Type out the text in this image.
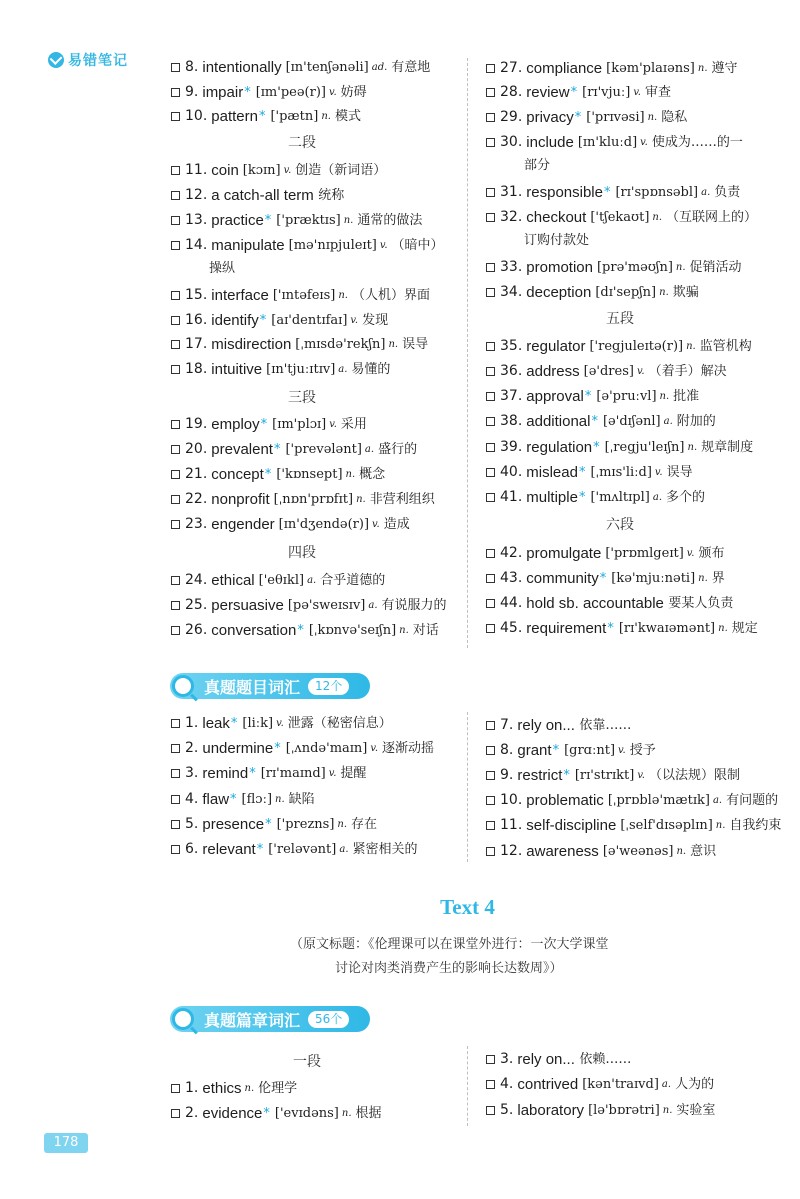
易错笔记	8. intentionally [ɪn'tenʃənəli] ad. 有意地
9. impair * [ɪm'peə(r)] v. 妨碍
10. pattern * ['pætn] n. 模式
11. coin [kɔɪn] v. 创造（新词语）
12. a catch-all term
统称
13. practice * ['præktɪs] n. 通常的做法
14. manipulate [mə'nɪpjuleɪt] v. （暗中）
操纵
15. interface ['ɪntəfeɪs] n. （人机）界面
16. identify * [aɪ'dentɪfaɪ] v. 发现
17. misdirection [ˌmɪsdə'rekʃn] n. 误导
18. intuitive [ɪn'tjuːɪtɪv] a. 易懂的
19. employ * [ɪm'plɔɪ] v. 采用
20. prevalent * ['prevələnt] a. 盛行的
21. concept * ['kɒnsept] n. 概念
22. nonprofit [ˌnɒn'prɒfɪt] n. 非营利组织
23. engender [ɪn'dʒendə(r)] v. 造成
24. ethical ['eθɪkl] a. 合乎道德的
25. persuasive [pə'sweɪsɪv] a. 有说服力的
26. conversation * [ˌkɒnvə'seɪʃn] n. 对话
27. compliance [kəm'plaɪəns] n. 遵守
28. review * [rɪ'vjuː] v. 审查
29. privacy * ['prɪvəsi] n. 隐私
30. include [ɪn'kluːd] v. 使成为……的一
部分
31. responsible * [rɪ'spɒnsəbl] a. 负责
32. checkout ['tʃekaʊt] n. （互联网上的）
订购付款处
33. promotion [prə'məʊʃn] n. 促销活动
34. deception [dɪ'sepʃn] n. 欺骗
35. regulator ['regjuleɪtə(r)] n. 监管机构
36. address [ə'dres] v. （着手）解决
37. approval * [ə'pruːvl] n. 批准
38. additional * [ə'dɪʃənl] a. 附加的
39. regulation * [ˌregju'leɪʃn] n. 规章制度
40. mislead * [ˌmɪs'liːd] v. 误导
41. multiple * ['mʌltɪpl] a. 多个的
42. promulgate ['prɒmlgeɪt] v. 颁布
43. community * [kə'mjuːnəti] n. 界
44. hold sb. accountable
要某人负责
45. requirement * [rɪ'kwaɪəmənt] n. 规定
1. leak * [liːk] v. 泄露（秘密信息）
2. undermine * [ˌʌndə'maɪn] v. 逐渐动摇
3. remind * [rɪ'maɪnd] v. 提醒
4. flaw * [flɔː] n. 缺陷
5. presence * ['prezns] n. 存在
6. relevant * ['reləvənt] a. 紧密相关的
7. rely on...
依靠……
8. grant * [grɑːnt] v. 授予
9. restrict * [rɪ'strɪkt] v. （以法规）限制
10. problematic [ˌprɒblə'mætɪk] a. 有问题的
11. self-discipline [ˌself'dɪsəplɪn] n. 自我约束
12. awareness [ə'weənəs] n. 意识
1. ethics n. 伦理学
2. evidence * ['evɪdəns] n. 根据
3. rely on...
依赖……
4. contrived [kən'traɪvd] a. 人为的
5. laboratory [lə'bɒrətri] n. 实验室
二段
三段
四段
五段
六段
一段
真题题目词汇	12个
Text 4
（原文标题：《伦理课可以在课堂外进行：一次大学课堂
讨论对肉类消费产生的影响长达数周》）
真题篇章词汇	56个
178
